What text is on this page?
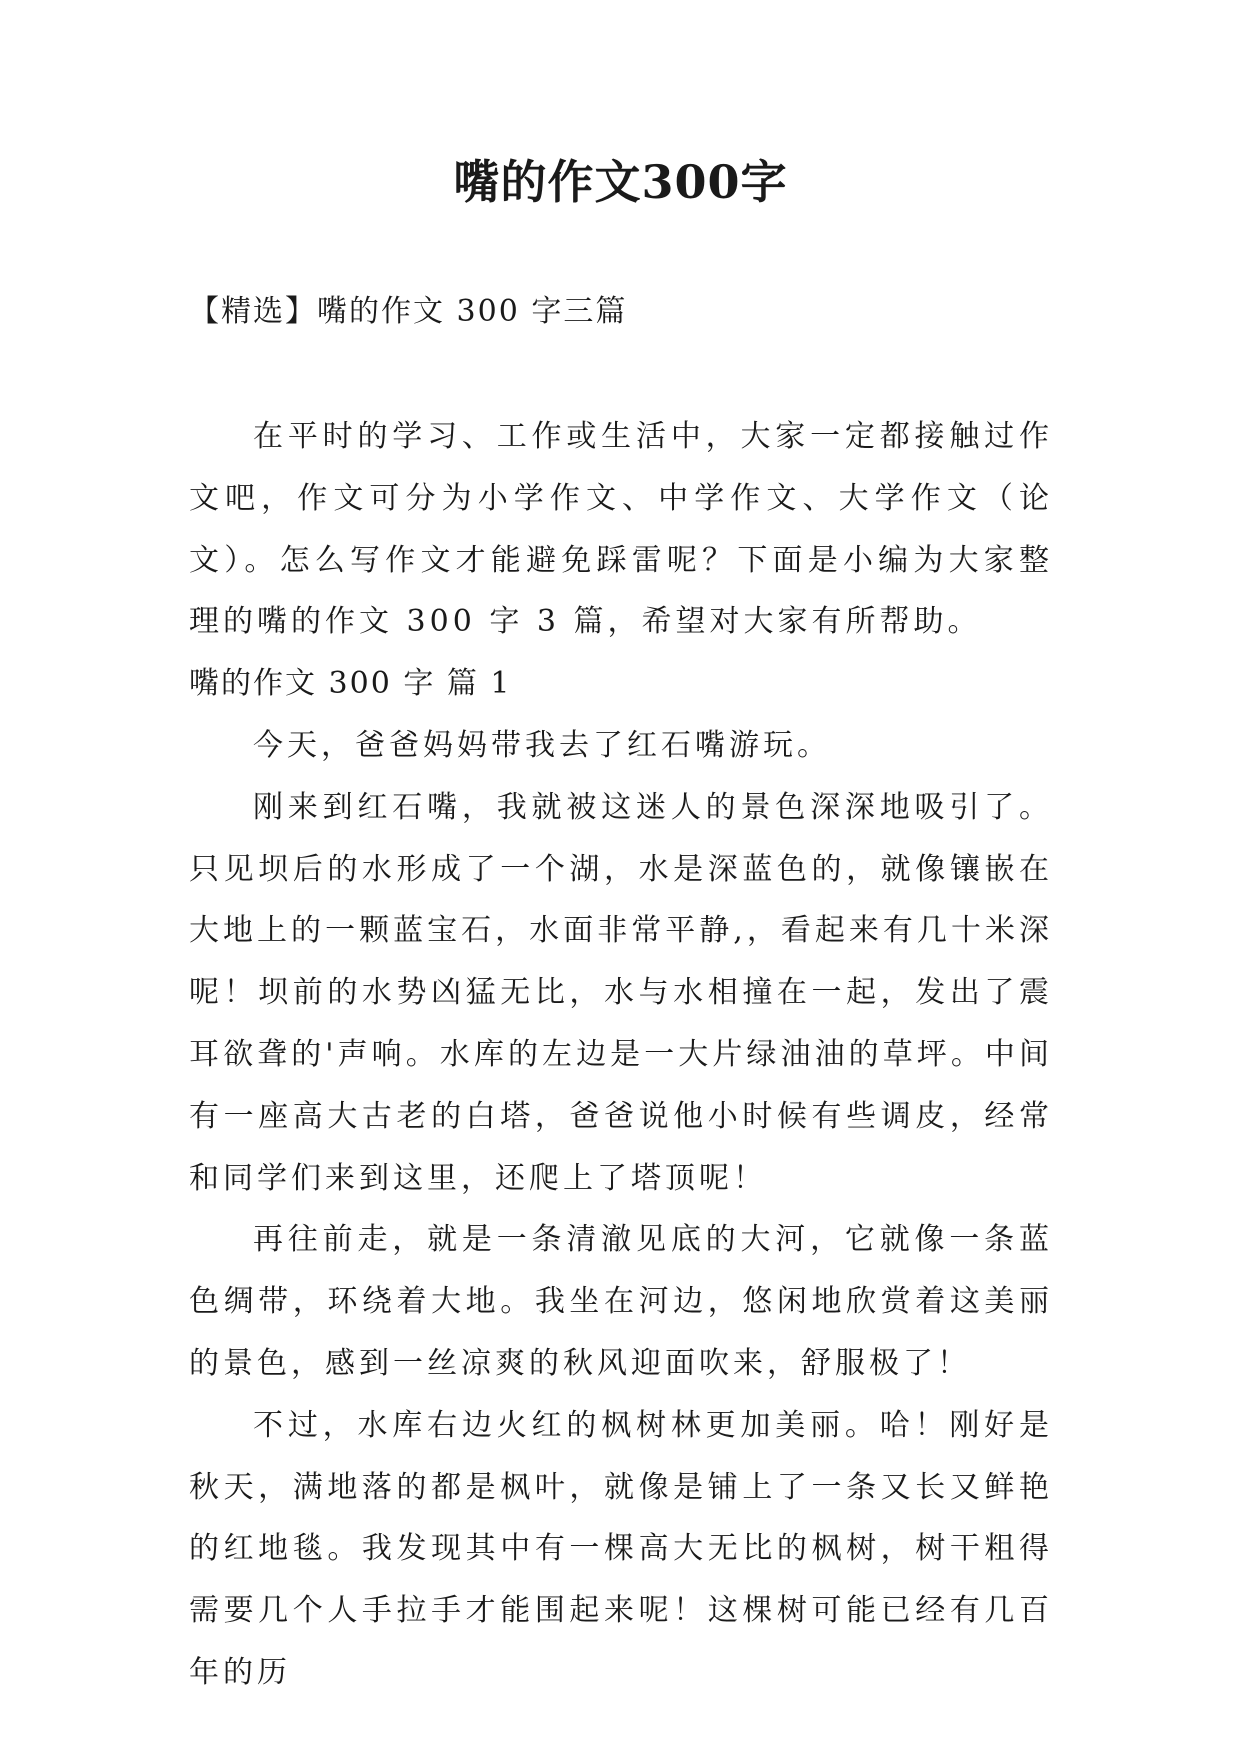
嘴的作文300字
【精选】嘴的作文 300 字三篇

在平时的学习、工作或生活中，大家一定都接触过作文吧，作文可分为小学作文、中学作文、大学作文（论文）。怎么写作文才能避免踩雷呢？下面是小编为大家整理的嘴的作文 300 字 3 篇，希望对大家有所帮助。

嘴的作文 300 字 篇 1

今天，爸爸妈妈带我去了红石嘴游玩。

刚来到红石嘴，我就被这迷人的景色深深地吸引了。只见坝后的水形成了一个湖，水是深蓝色的，就像镶嵌在大地上的一颗蓝宝石，水面非常平静,，看起来有几十米深呢！坝前的水势凶猛无比，水与水相撞在一起，发出了震耳欲聋的'声响。水库的左边是一大片绿油油的草坪。中间有一座高大古老的白塔，爸爸说他小时候有些调皮，经常和同学们来到这里，还爬上了塔顶呢！

再往前走，就是一条清澈见底的大河，它就像一条蓝色绸带，环绕着大地。我坐在河边，悠闲地欣赏着这美丽的景色，感到一丝凉爽的秋风迎面吹来，舒服极了！

不过，水库右边火红的枫树林更加美丽。哈！刚好是秋天，满地落的都是枫叶，就像是铺上了一条又长又鲜艳的红地毯。我发现其中有一棵高大无比的枫树，树干粗得需要几个人手拉手才能围起来呢！这棵树可能已经有几百年的历
